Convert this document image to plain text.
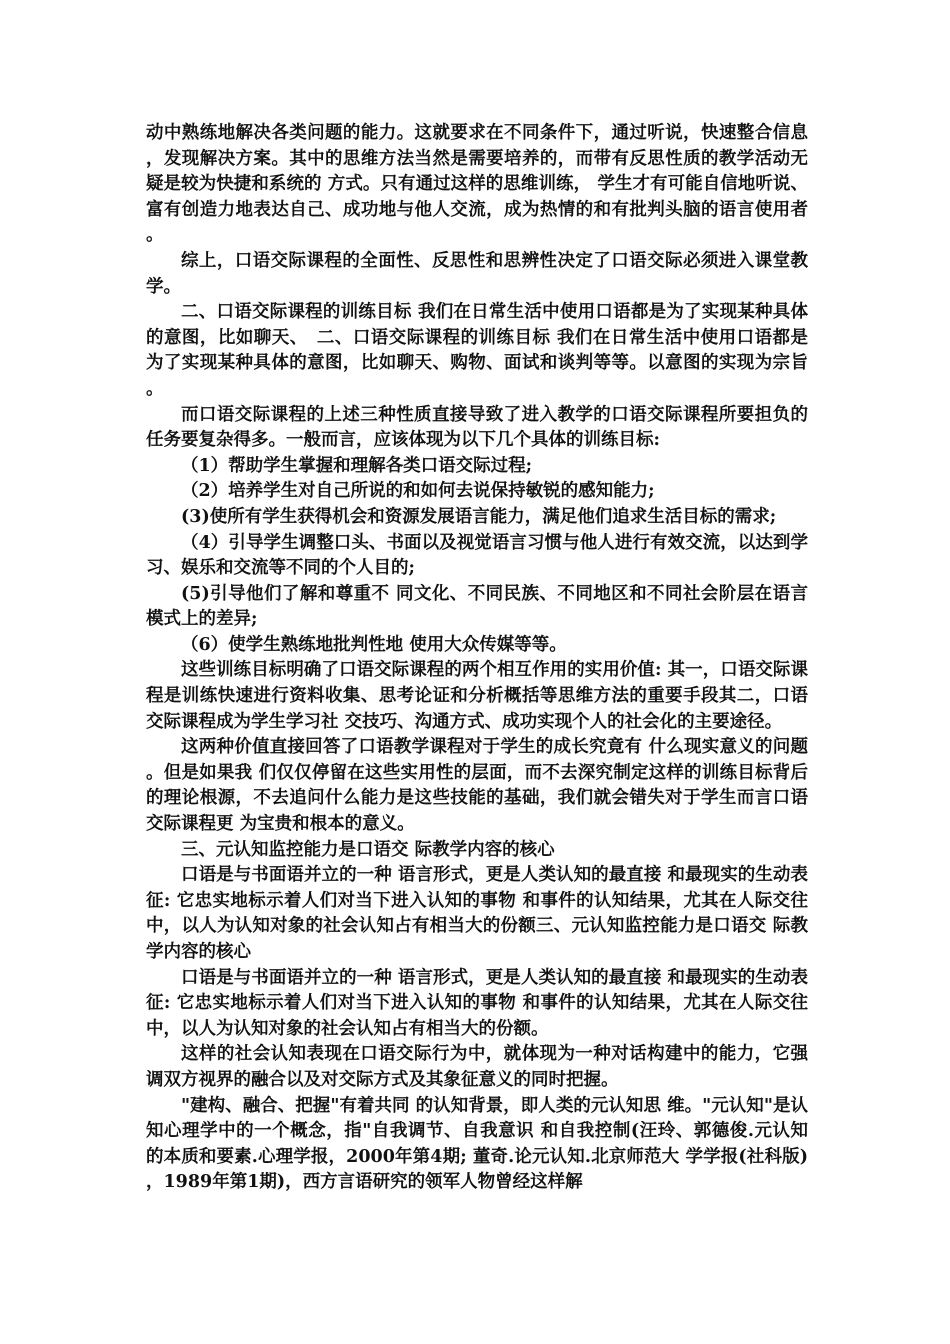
动中熟练地解决各类问题的能力。这就要求在不同条件下，通过听说，快速整合信息，发现解决方案。其中的思维方法当然是需要培养的，而带有反思性质的教学活动无疑是较为快捷和系统的 方式。只有通过这样的思维训练， 学生才有可能自信地听说、富有创造力地表达自己、成功地与他人交流，成为热情的和有批判头脑的语言使用者。

综上，口语交际课程的全面性、反思性和思辨性决定了口语交际必须进入课堂教学。

二、口语交际课程的训练目标 我们在日常生活中使用口语都是为了实现某种具体的意图，比如聊天、　二、口语交际课程的训练目标 我们在日常生活中使用口语都是为了实现某种具体的意图，比如聊天、购物、面试和谈判等等。以意图的实现为宗旨。

而口语交际课程的上述三种性质直接导致了进入教学的口语交际课程所要担负的任务要复杂得多。一般而言，应该体现为以下几个具体的训练目标:

（1）帮助学生掌握和理解各类口语交际过程;

（2）培养学生对自己所说的和如何去说保持敏锐的感知能力;

(3)使所有学生获得机会和资源发展语言能力，满足他们追求生活目标的需求;

（4）引导学生调整口头、书面以及视觉语言习惯与他人进行有效交流，以达到学习、娱乐和交流等不同的个人目的;

(5)引导他们了解和尊重不 同文化、不同民族、不同地区和不同社会阶层在语言模式上的差异;

（6）使学生熟练地批判性地 使用大众传媒等等。

这些训练目标明确了口语交际课程的两个相互作用的实用价值: 其一，口语交际课程是训练快速进行资料收集、思考论证和分析概括等思维方法的重要手段其二，口语交际课程成为学生学习社 交技巧、沟通方式、成功实现个人的社会化的主要途径。

这两种价值直接回答了口语教学课程对于学生的成长究竟有 什么现实意义的问题。但是如果我 们仅仅停留在这些实用性的层面，而不去深究制定这样的训练目标背后的理论根源，不去追问什么能力是这些技能的基础，我们就会错失对于学生而言口语交际课程更 为宝贵和根本的意义。

三、元认知监控能力是口语交 际教学内容的核心

口语是与书面语并立的一种 语言形式，更是人类认知的最直接 和最现实的生动表征: 它忠实地标示着人们对当下进入认知的事物 和事件的认知结果，尤其在人际交往中，以人为认知对象的社会认知占有相当大的份额三、元认知监控能力是口语交 际教学内容的核心

口语是与书面语并立的一种 语言形式，更是人类认知的最直接 和最现实的生动表征: 它忠实地标示着人们对当下进入认知的事物 和事件的认知结果，尤其在人际交往中，以人为认知对象的社会认知占有相当大的份额。

这样的社会认知表现在口语交际行为中，就体现为一种对话构建中的能力，它强调双方视界的融合以及对交际方式及其象征意义的同时把握。

"建构、融合、把握"有着共同 的认知背景，即人类的元认知思 维。"元认知"是认知心理学中的一个概念，指"自我调节、自我意识 和自我控制(汪玲、郭德俊.元认知 的本质和要素.心理学报，2000年第4期; 董奇.论元认知.北京师范大 学学报(社科版)，1989年第1期)，西方言语研究的领军人物曾经这样解
